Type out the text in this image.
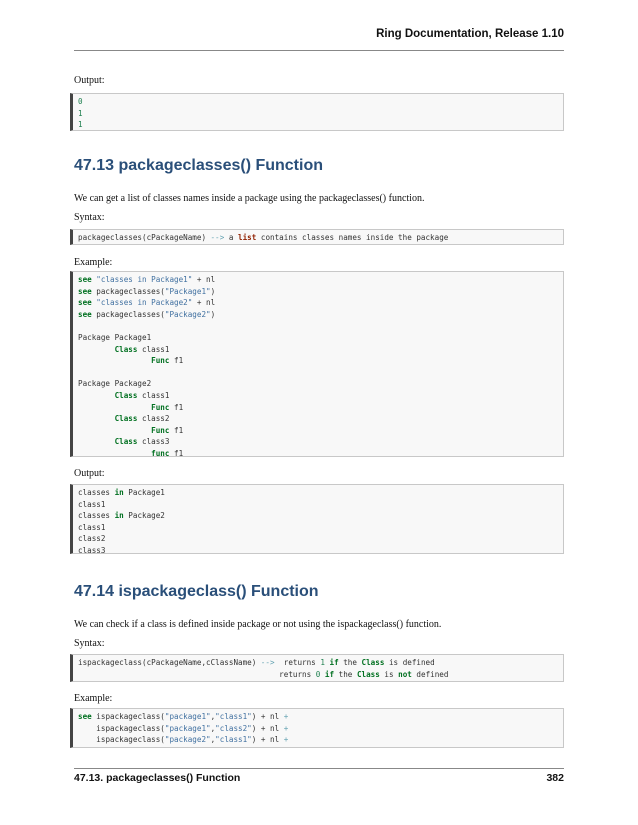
Ring Documentation, Release 1.10
Output:
0
1
1
47.13 packageclasses() Function
We can get a list of classes names inside a package using the packageclasses() function.
Syntax:
packageclasses(cPackageName) --> a list contains classes names inside the package
Example:
see "classes in Package1" + nl
see packageclasses("Package1")
see "classes in Package2" + nl
see packageclasses("Package2")
Package Package1
Class class1
Func f1
Package Package2
Class class1
Func f1
Class class2
Func f1
Class class3
func f1
Output:
classes in Package1
class1
classes in Package2
class1
class2
class3
47.14 ispackageclass() Function
We can check if a class is defined inside package or not using the ispackageclass() function.
Syntax:
ispackageclass(cPackageName,cClassName) --> returns 1 if the Class is defined
returns 0 if the Class is not defined
Example:
see ispackageclass("package1","class1") + nl +
ispackageclass("package1","class2") + nl +
ispackageclass("package2","class1") + nl +
47.13. packageclasses() Function	382
